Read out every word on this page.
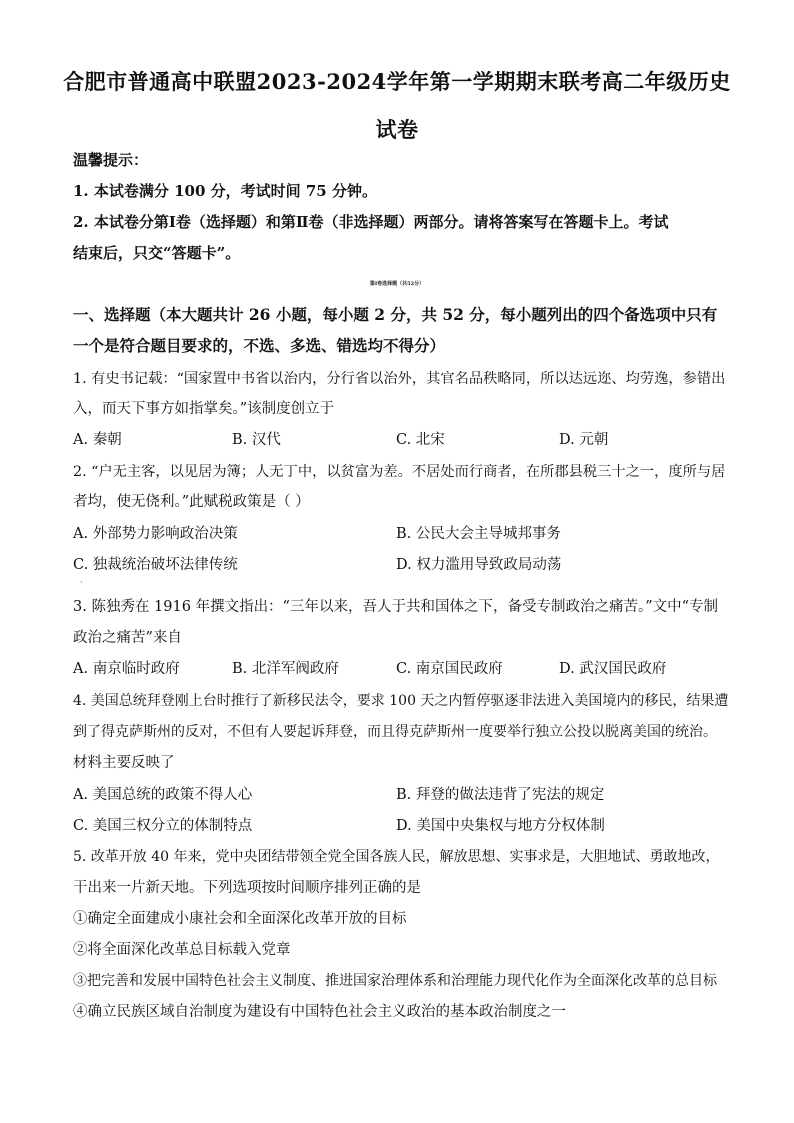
合肥市普通高中联盟2023-2024学年第一学期期末联考高二年级历史
试卷
温馨提示：
1. 本试卷满分 100 分，考试时间 75 分钟。
2. 本试卷分第Ⅰ卷（选择题）和第Ⅱ卷（非选择题）两部分。请将答案写在答题卡上。考试
结束后，只交“答题卡”。
第Ⅰ卷选择题（共52分）
一、选择题（本大题共计 26 小题，每小题 2 分，共 52 分，每小题列出的四个备选项中只有
一个是符合题目要求的，不选、多选、错选均不得分）
1. 有史书记载：“国家置中书省以治内，分行省以治外，其官名品秩略同，所以达远迩、均劳逸，参错出
入，而天下事方如指掌矣。”该制度创立于
A. 秦朝	B. 汉代	C. 北宋	D. 元朝
2. “户无主客，以见居为簿；人无丁中，以贫富为差。不居处而行商者，在所郡县税三十之一，度所与居
者均，使无侥利。”此赋税政策是（ ）
A. 外部势力影响政治决策	B. 公民大会主导城邦事务
C. 独裁统治破坏法律传统	D. 权力滥用导致政局动荡
·
3. 陈独秀在 1916 年撰文指出：“三年以来，吾人于共和国体之下，备受专制政治之痛苦。”文中“专制
政治之痛苦”来自
A. 南京临时政府	B. 北洋军阀政府	C. 南京国民政府	D. 武汉国民政府
4. 美国总统拜登刚上台时推行了新移民法令，要求 100 天之内暂停驱逐非法进入美国境内的移民，结果遭
到了得克萨斯州的反对，不但有人要起诉拜登，而且得克萨斯州一度要举行独立公投以脱离美国的统治。
材料主要反映了
A. 美国总统的政策不得人心	B. 拜登的做法违背了宪法的规定
C. 美国三权分立的体制特点	D. 美国中央集权与地方分权体制
5. 改革开放 40 年来，党中央团结带领全党全国各族人民，解放思想、实事求是，大胆地试、勇敢地改，
干出来一片新天地。下列选项按时间顺序排列正确的是
①确定全面建成小康社会和全面深化改革开放的目标
②将全面深化改革总目标载入党章
③把完善和发展中国特色社会主义制度、推进国家治理体系和治理能力现代化作为全面深化改革的总目标
④确立民族区域自治制度为建设有中国特色社会主义政治的基本政治制度之一
